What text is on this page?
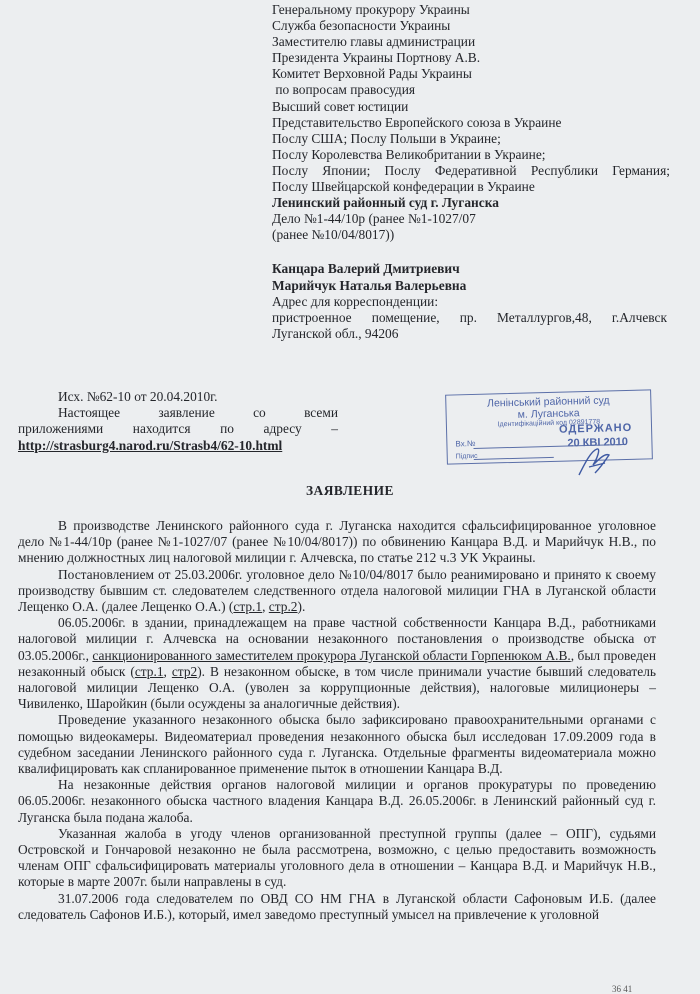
Генеральному прокурору Украины
Служба безопасности Украины
Заместителю главы администрации
Президента Украины Портнову А.В.
Комитет Верховной Рады Украины
по вопросам правосудия
Высший совет юстиции
Представительство Европейского союза в Украине
Послу США; Послу Польши в Украине;
Послу Королевства Великобритании в Украине;
Послу Японии; Послу Федеративной Республики Германия;
Послу Швейцарской конфедерации в Украине
Ленинский районный суд г. Луганска
Дело №1-44/10р (ранее №1-1027/07
(ранее №10/04/8017))
Канцара Валерий Дмитриевич
Марийчук Наталья Валерьевна
Адрес для корреспонденции:
пристроенное помещение, пр. Металлургов,48, г.Алчевск
Луганской обл., 94206
Исх. №62-10 от 20.04.2010г.
Настоящее	заявление	со	всеми
приложениями находится по адресу –
http://strasburg4.narod.ru/Strasb4/62-10.html
Ленінський районний суд
м. Луганська
Ідентифікаційний код 02891778
ОДЕРЖАНО
Вх.№	20 КВІ 2010
Підпис
ЗАЯВЛЕНИЕ

В производстве Ленинского районного суда г. Луганска находится сфальсифицированное уголовное дело №1-44/10р (ранее №1-1027/07 (ранее №10/04/8017)) по обвинению Канцара В.Д. и Марийчук Н.В., по мнению должностных лиц налоговой милиции г. Алчевска, по статье 212 ч.3 УК Украины.

Постановлением от 25.03.2006г. уголовное дело №10/04/8017 было реанимировано и принято к своему производству бывшим ст. следователем следственного отдела налоговой милиции ГНА в Луганской области Лещенко О.А. (далее Лещенко О.А.) (стр.1, стр.2).

06.05.2006г. в здании, принадлежащем на праве частной собственности Канцара В.Д., работниками налоговой милиции г. Алчевска на основании незаконного постановления о производстве обыска от 03.05.2006г., санкционированного заместителем прокурора Луганской области Горпенюком А.В., был проведен незаконный обыск (стр.1, стр2). В незаконном обыске, в том числе принимали участие бывший следователь налоговой милиции Лещенко О.А. (уволен за коррупционные действия), налоговые милиционеры – Чивиленко, Шаройкин (были осуждены за аналогичные действия).

Проведение указанного незаконного обыска было зафиксировано правоохранительными органами с помощью видеокамеры. Видеоматериал проведения незаконного обыска был исследован 17.09.2009 года в судебном заседании Ленинского районного суда г. Луганска. Отдельные фрагменты видеоматериала можно квалифицировать как спланированное применение пыток в отношении Канцара В.Д.

На незаконные действия органов налоговой милиции и органов прокуратуры по проведению 06.05.2006г. незаконного обыска частного владения Канцара В.Д. 26.05.2006г. в Ленинский районный суд г. Луганска была подана жалоба.

Указанная жалоба в угоду членов организованной преступной группы (далее – ОПГ), судьями Островской и Гончаровой незаконно не была рассмотрена, возможно, с целью предоставить возможность членам ОПГ сфальсифицировать материалы уголовного дела в отношении – Канцара В.Д. и Марийчук Н.В., которые в марте 2007г. были направлены в суд.

31.07.2006 года следователем по ОВД СО НМ ГНА в Луганской области Сафоновым И.Б. (далее следователь Сафонов И.Б.), который, имел заведомо преступный умысел на привлечение к уголовной

36 41
